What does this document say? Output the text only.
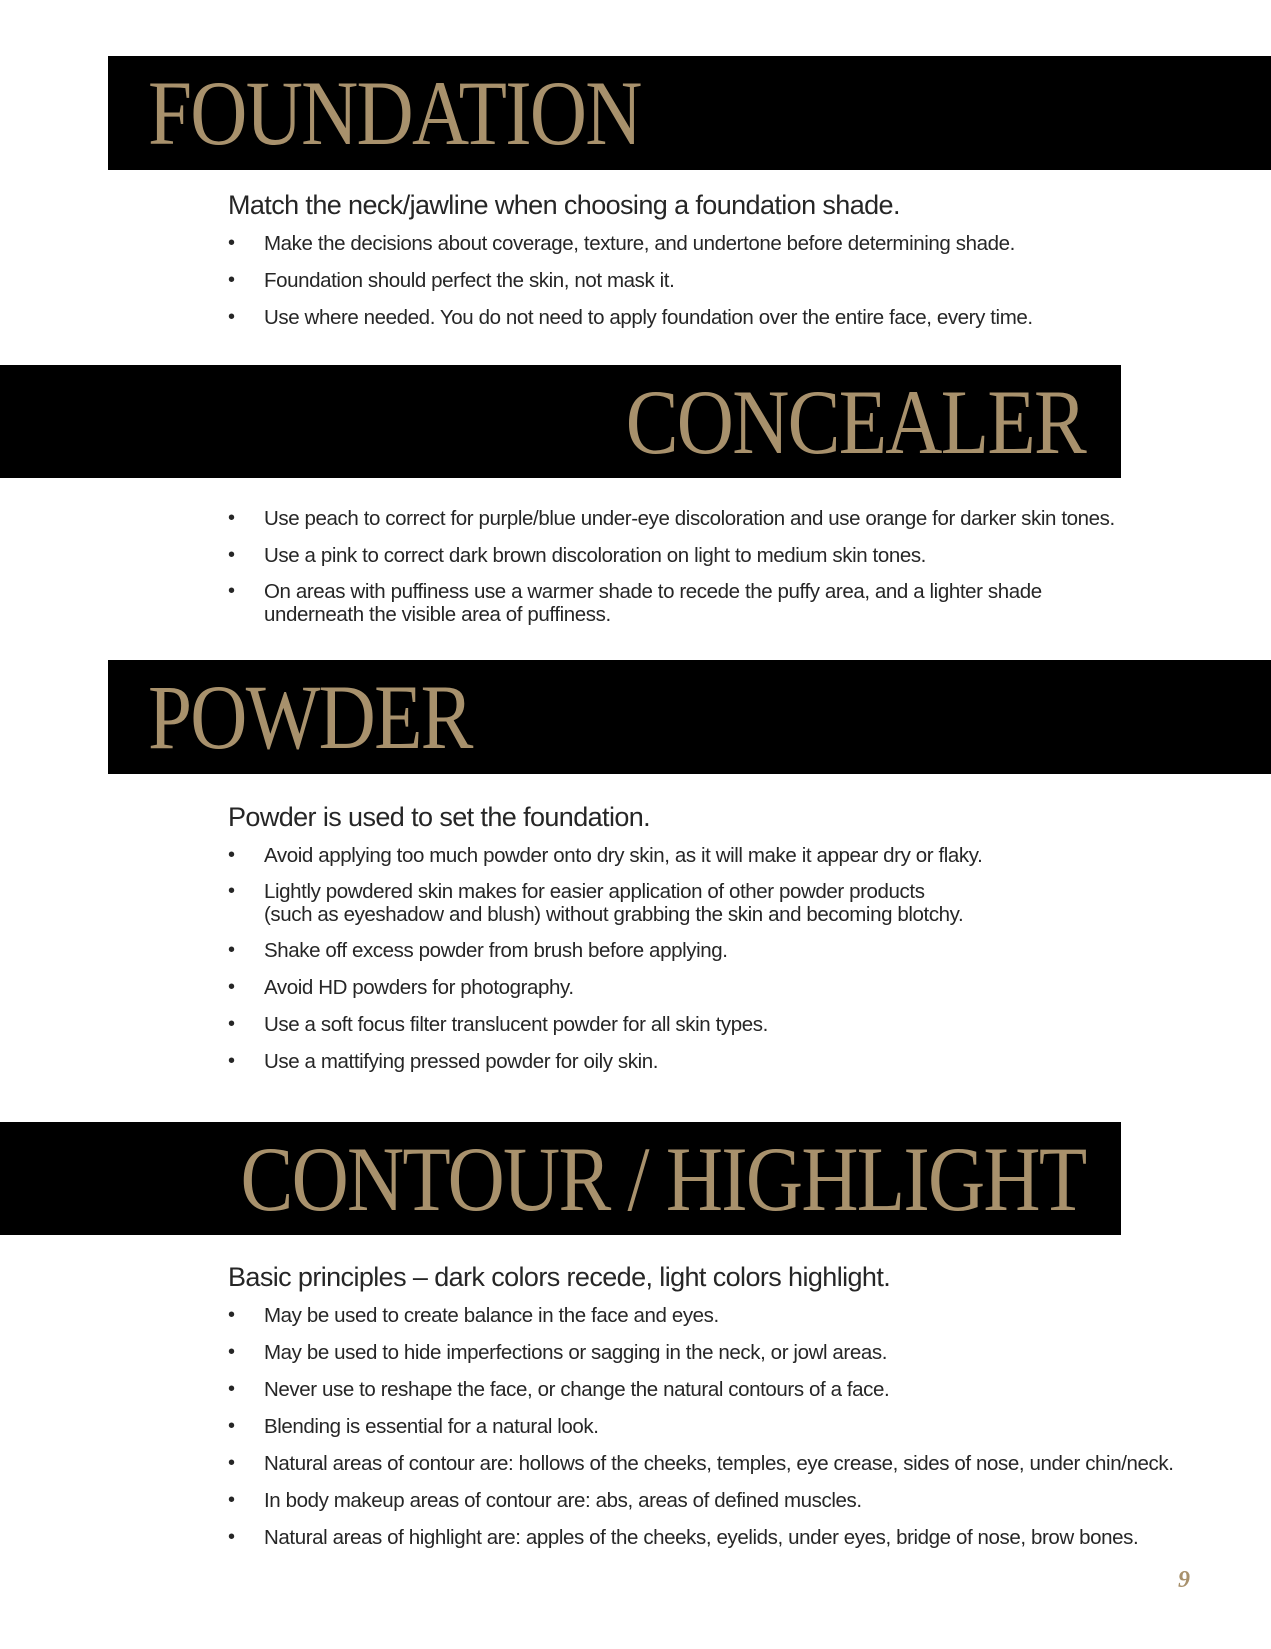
FOUNDATION

Match the neck/jawline when choosing a foundation shade.

•	Make the decisions about coverage, texture, and undertone before determining shade.
•	Foundation should perfect the skin, not mask it.
•	Use where needed. You do not need to apply foundation over the entire face, every time.
CONCEALER
•	Use peach to correct for purple/blue under-eye discoloration and use orange for darker skin tones.
•	Use a pink to correct dark brown discoloration on light to medium skin tones.
•	On areas with puffiness use a warmer shade to recede the puffy area, and a lighter shade
underneath the visible area of puffiness.
POWDER

Powder is used to set the foundation.

•	Avoid applying too much powder onto dry skin, as it will make it appear dry or flaky.
•	Lightly powdered skin makes for easier application of other powder products
(such as eyeshadow and blush) without grabbing the skin and becoming blotchy.
•	Shake off excess powder from brush before applying.
•	Avoid HD powders for photography.
•	Use a soft focus filter translucent powder for all skin types.
•	Use a mattifying pressed powder for oily skin.
CONTOUR / HIGHLIGHT

Basic principles – dark colors recede, light colors highlight.

•	May be used to create balance in the face and eyes.
•	May be used to hide imperfections or sagging in the neck, or jowl areas.
•	Never use to reshape the face, or change the natural contours of a face.
•	Blending is essential for a natural look.
•	Natural areas of contour are: hollows of the cheeks, temples, eye crease, sides of nose, under chin/neck.
•	In body makeup areas of contour are: abs, areas of defined muscles.
•	Natural areas of highlight are: apples of the cheeks, eyelids, under eyes, bridge of nose, brow bones.
9
